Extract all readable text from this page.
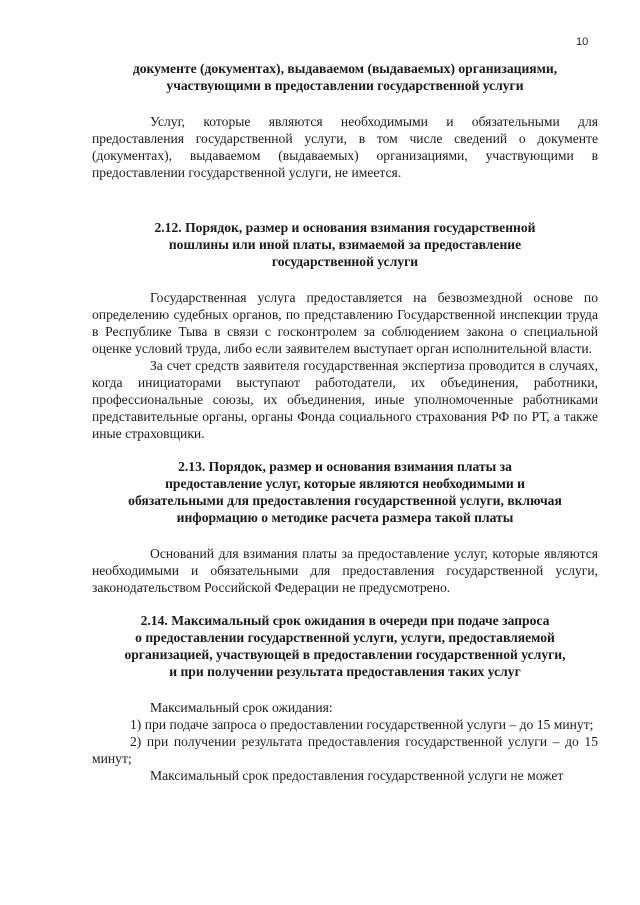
10

документе (документах), выдаваемом (выдаваемых) организациями,

участвующими в предоставлении государственной услуги

Услуг, которые являются необходимыми и обязательными для предоставления государственной услуги, в том числе сведений о документе (документах), выдаваемом (выдаваемых) организациями, участвующими в предоставлении государственной услуги, не имеется.

2.12. Порядок, размер и основания взимания государственной

пошлины или иной платы, взимаемой за предоставление

государственной услуги

Государственная услуга предоставляется на безвозмездной основе по определению судебных органов, по представлению Государственной инспекции труда в Республике Тыва в связи с госконтролем за соблюдением закона о специальной оценке условий труда, либо если заявителем выступает орган исполнительной власти.

За счет средств заявителя государственная экспертиза проводится в случаях, когда инициаторами выступают работодатели, их объединения, работники, профессиональные союзы, их объединения, иные уполномоченные работниками представительные органы, органы Фонда социального страхования РФ по РТ, а также иные страховщики.

2.13. Порядок, размер и основания взимания платы за

предоставление услуг, которые являются необходимыми и

обязательными для предоставления государственной услуги, включая

информацию о методике расчета размера такой платы

Оснований для взимания платы за предоставление услуг, которые являются необходимыми и обязательными для предоставления государственной услуги, законодательством Российской Федерации не предусмотрено.

2.14. Максимальный срок ожидания в очереди при подаче запроса

о предоставлении государственной услуги, услуги, предоставляемой

организацией, участвующей в предоставлении государственной услуги,

и при получении результата предоставления таких услуг

Максимальный срок ожидания:

1) при подаче запроса о предоставлении государственной услуги – до 15 минут;

2) при получении результата предоставления государственной услуги – до 15 минут;

Максимальный срок предоставления государственной услуги не может
